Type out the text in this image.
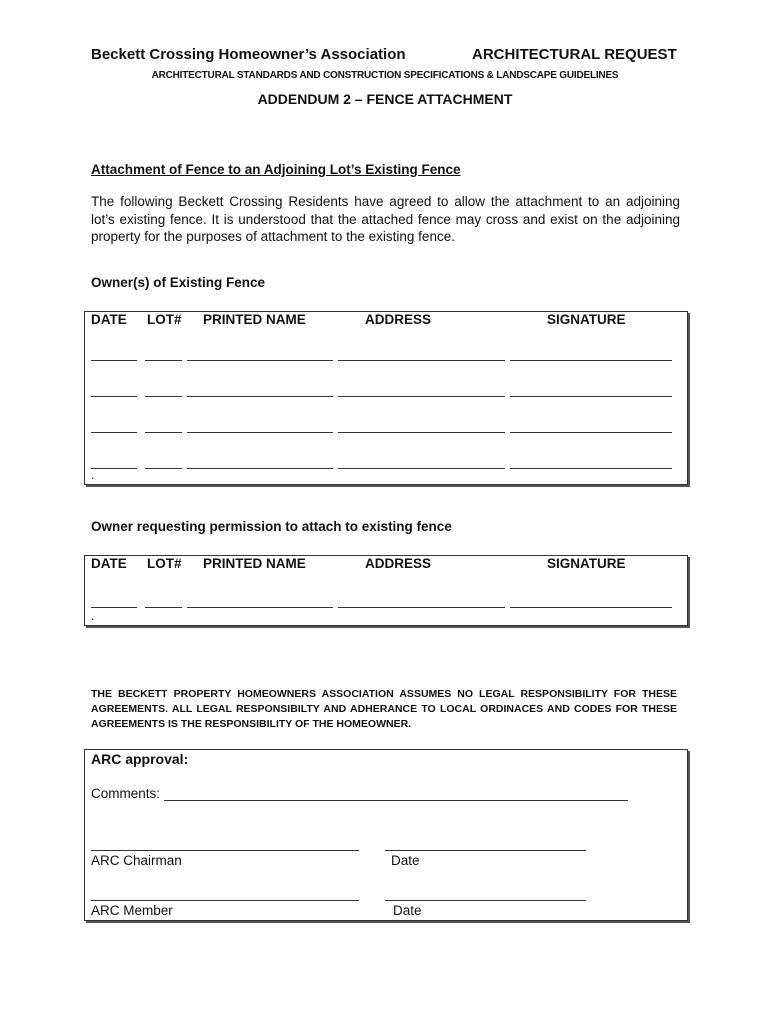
Beckett Crossing Homeowner’s Association	ARCHITECTURAL REQUEST
ARCHITECTURAL STANDARDS AND CONSTRUCTION SPECIFICATIONS & LANDSCAPE GUIDELINES
ADDENDUM 2 – FENCE ATTACHMENT
Attachment of Fence to an Adjoining Lot’s Existing Fence
The following Beckett Crossing Residents have agreed to allow the attachment to an adjoining lot’s existing fence. It is understood that the attached fence may cross and exist on the adjoining property for the purposes of attachment to the existing fence.
Owner(s) of Existing Fence
DATE LOT# PRINTED NAME	ADDRESS	SIGNATURE
.
Owner requesting permission to attach to existing fence
DATE LOT# PRINTED NAME	ADDRESS	SIGNATURE
.
THE BECKETT PROPERTY HOMEOWNERS ASSOCIATION ASSUMES NO LEGAL RESPONSIBILITY FOR THESE AGREEMENTS. ALL LEGAL RESPONSIBILTY AND ADHERANCE TO LOCAL ORDINACES AND CODES FOR THESE AGREEMENTS IS THE RESPONSIBILITY OF THE HOMEOWNER.
ARC approval:
Comments:
ARC Chairman	Date
ARC Member	Date
